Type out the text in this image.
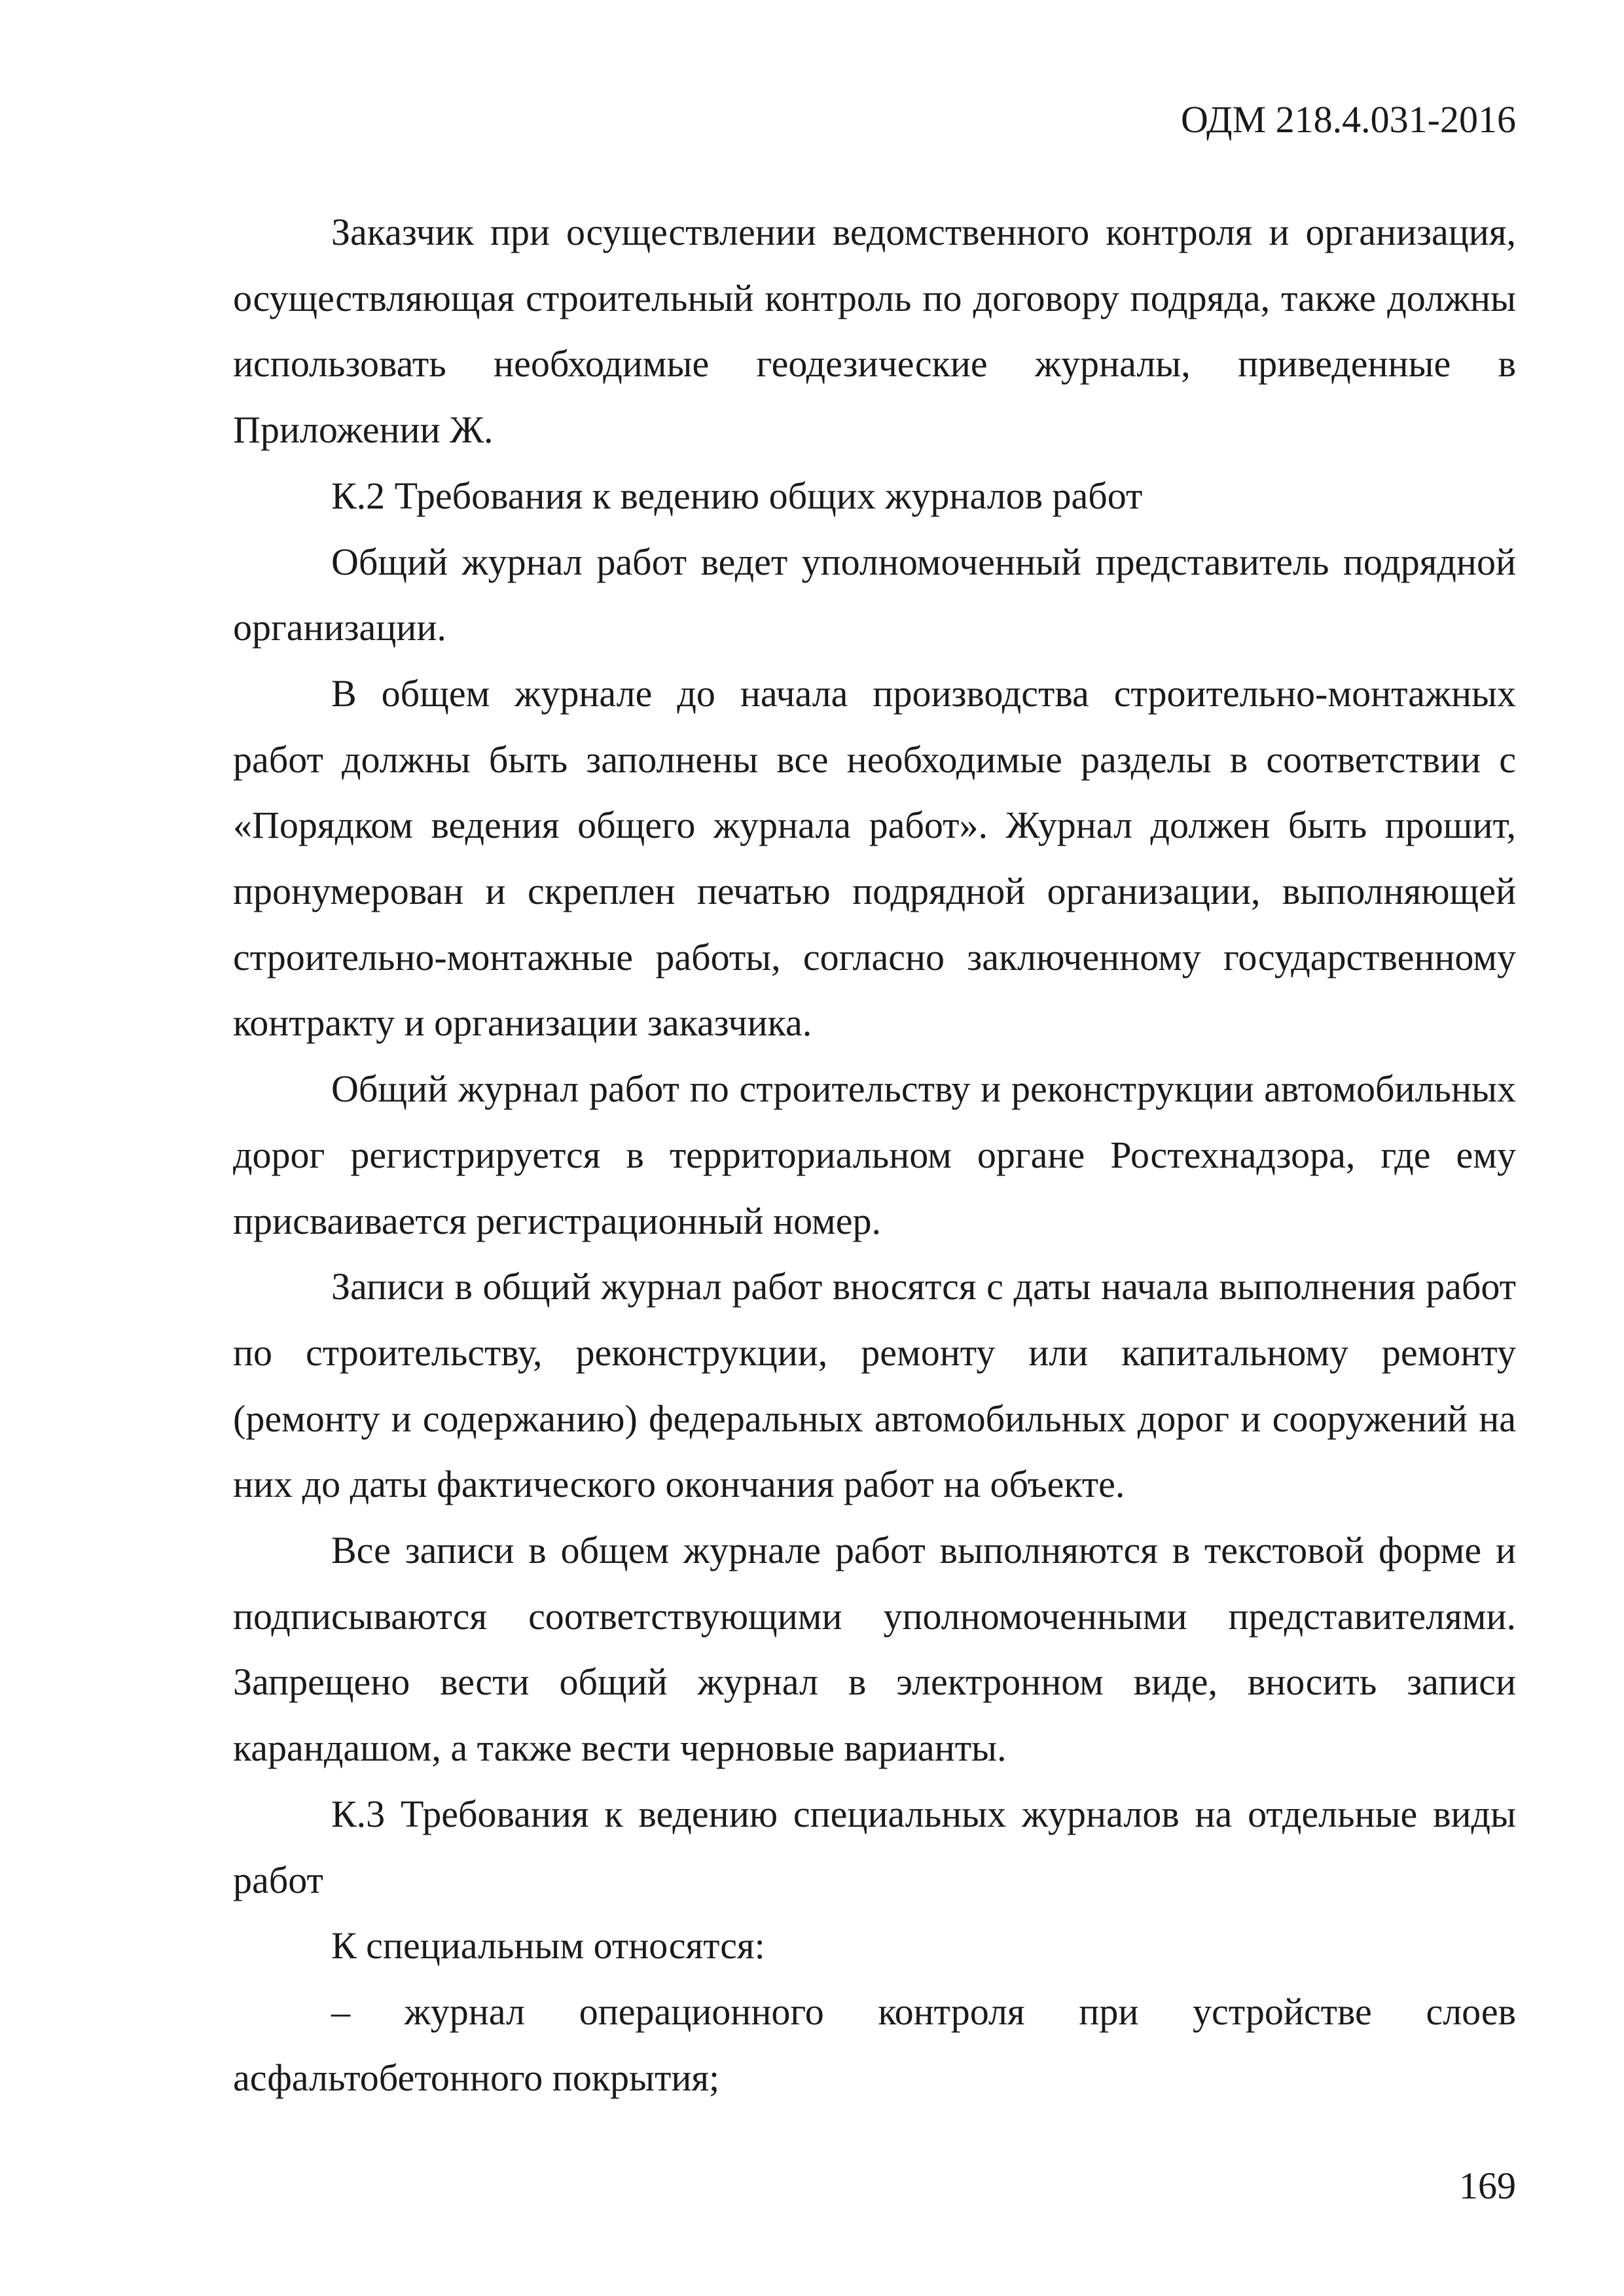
ОДМ 218.4.031-2016

Заказчик при осуществлении ведомственного контроля и организация, осуществляющая строительный контроль по договору подряда, также должны использовать необходимые геодезические журналы, приведенные в Приложении Ж.

К.2 Требования к ведению общих журналов работ

Общий журнал работ ведет уполномоченный представитель подрядной организации.

В общем журнале до начала производства строительно-монтажных работ должны быть заполнены все необходимые разделы в соответствии с «Порядком ведения общего журнала работ». Журнал должен быть прошит, пронумерован и скреплен печатью подрядной организации, выполняющей строительно-монтажные работы, согласно заключенному государственному контракту и организации заказчика.

Общий журнал работ по строительству и реконструкции автомобильных дорог регистрируется в территориальном органе Ростехнадзора, где ему присваивается регистрационный номер.

Записи в общий журнал работ вносятся с даты начала выполнения работ по строительству, реконструкции, ремонту или капитальному ремонту (ремонту и содержанию) федеральных автомобильных дорог и сооружений на них до даты фактического окончания работ на объекте.

Все записи в общем журнале работ выполняются в текстовой форме и подписываются соответствующими уполномоченными представителями. Запрещено вести общий журнал в электронном виде, вносить записи карандашом, а также вести черновые варианты.

К.3 Требования к ведению специальных журналов на отдельные виды работ

К специальным относятся:

– журнал операционного контроля при устройстве слоев асфальтобетонного покрытия;

169
